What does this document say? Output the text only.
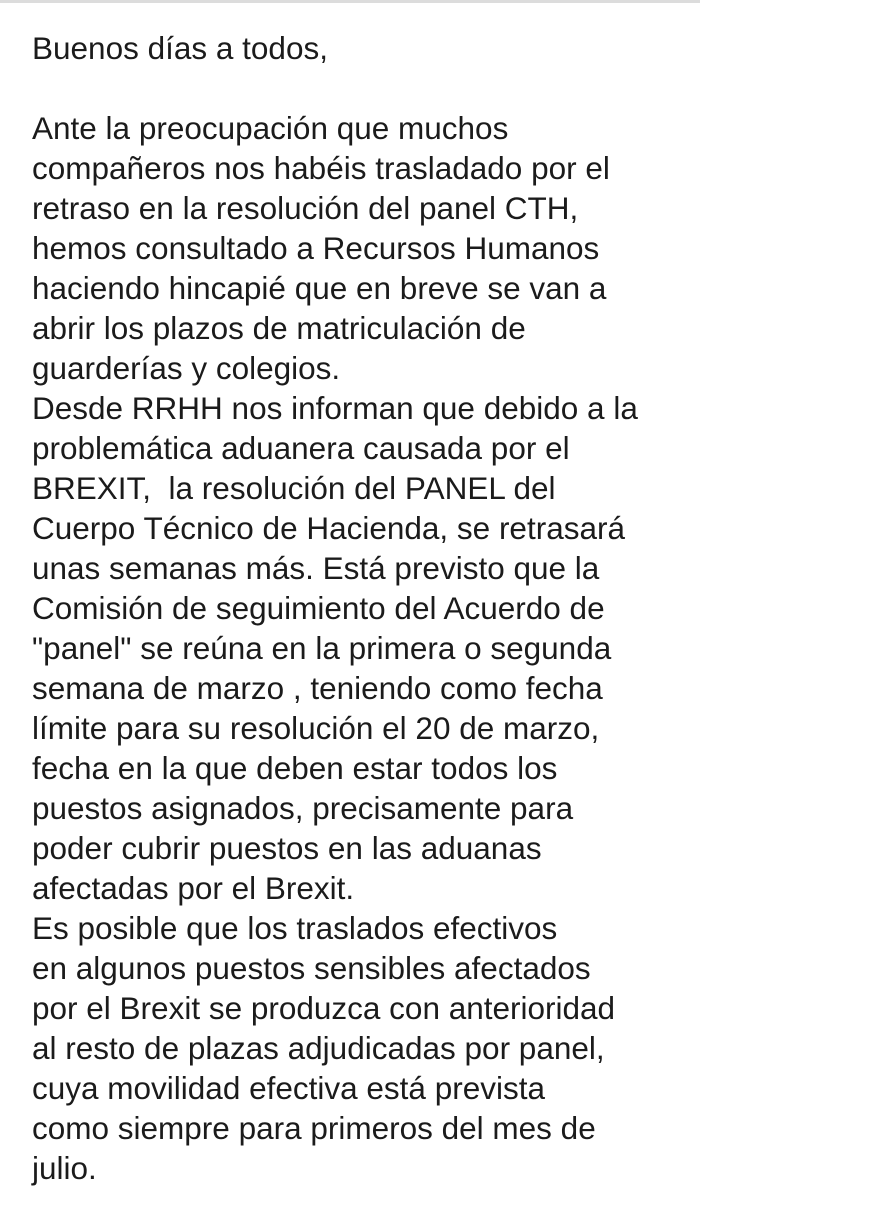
Buenos días a todos,
Ante la preocupación que muchos
compañeros nos habéis trasladado por el
retraso en la resolución del panel CTH,
hemos consultado a Recursos Humanos
haciendo hincapié que en breve se van a
abrir los plazos de matriculación de
guarderías y colegios.
Desde RRHH nos informan que debido a la
problemática aduanera causada por el
BREXIT,  la resolución del PANEL del
Cuerpo Técnico de Hacienda, se retrasará
unas semanas más. Está previsto que la
Comisión de seguimiento del Acuerdo de
"panel" se reúna en la primera o segunda
semana de marzo , teniendo como fecha
límite para su resolución el 20 de marzo,
fecha en la que deben estar todos los
puestos asignados, precisamente para
poder cubrir puestos en las aduanas
afectadas por el Brexit.
Es posible que los traslados efectivos
en algunos puestos sensibles afectados
por el Brexit se produzca con anterioridad
al resto de plazas adjudicadas por panel,
cuya movilidad efectiva está prevista
como siempre para primeros del mes de
julio.
